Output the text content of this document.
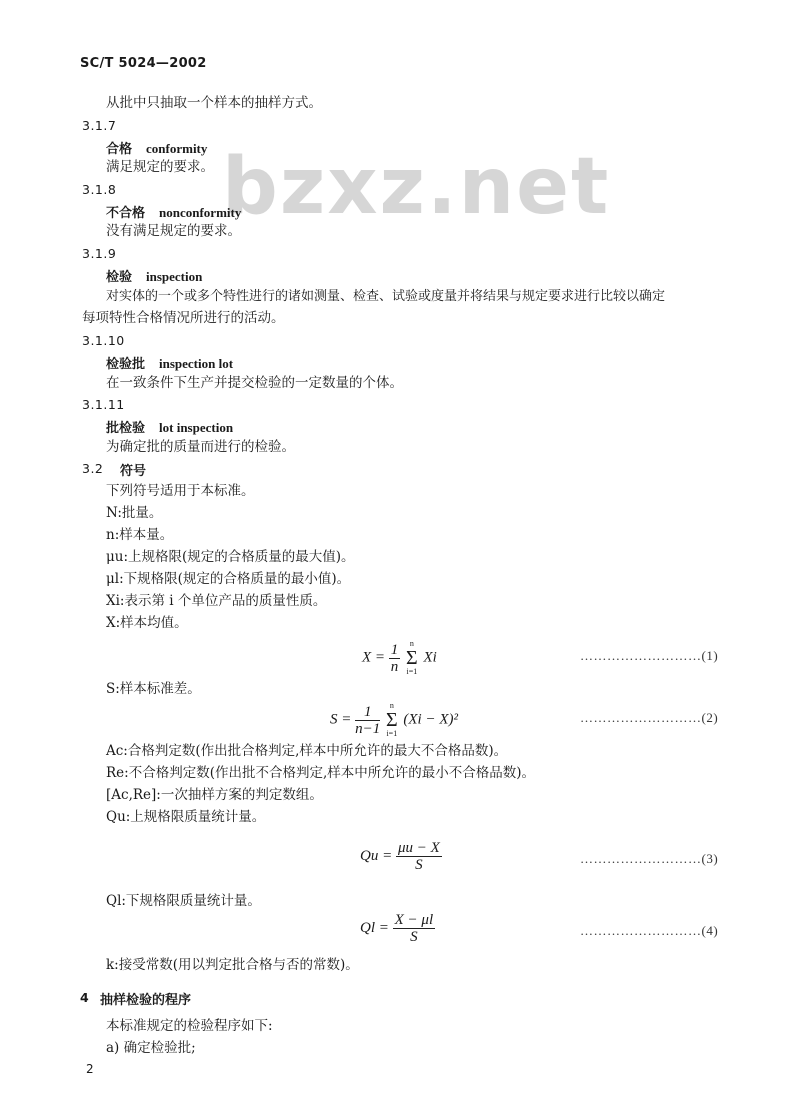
SC/T 5024—2002
bzxz.net
从批中只抽取一个样本的抽样方式。
3.1.7
合格 conformity
满足规定的要求。
3.1.8
不合格 nonconformity
没有满足规定的要求。
3.1.9
检验 inspection
对实体的一个或多个特性进行的诸如测量、检查、试验或度量并将结果与规定要求进行比较以确定
每项特性合格情况所进行的活动。
3.1.10
检验批 inspection lot
在一致条件下生产并提交检验的一定数量的个体。
3.1.11
批检验 lot inspection
为确定批的质量而进行的检验。
3.2 符号
下列符号适用于本标准。
N:批量。
n:样本量。
μu:上规格限(规定的合格质量的最大值)。
μl:下规格限(规定的合格质量的最小值)。
Xi:表示第 i 个单位产品的质量性质。
X:样本均值。
$X = \frac{1}{n}$
	n
Σ
i=1
Xi	………………………(1)
S:样本标准差。
$S = \frac{1}{n-1}$
	n
Σ
i=1
(Xi − X)²	………………………(2)
Ac:合格判定数(作出批合格判定,样本中所允许的最大不合格品数)。
Re:不合格判定数(作出批不合格判定,样本中所允许的最小不合格品数)。
[Ac,Re]:一次抽样方案的判定数组。
Qu:上规格限质量统计量。
$Qu = \frac{\mu u - X}{S}$	………………………(3)
Ql:下规格限质量统计量。
$Ql = \frac{X - \mu l}{S}$	………………………(4)
k:接受常数(用以判定批合格与否的常数)。
4 抽样检验的程序
本标准规定的检验程序如下:
a) 确定检验批;
2
